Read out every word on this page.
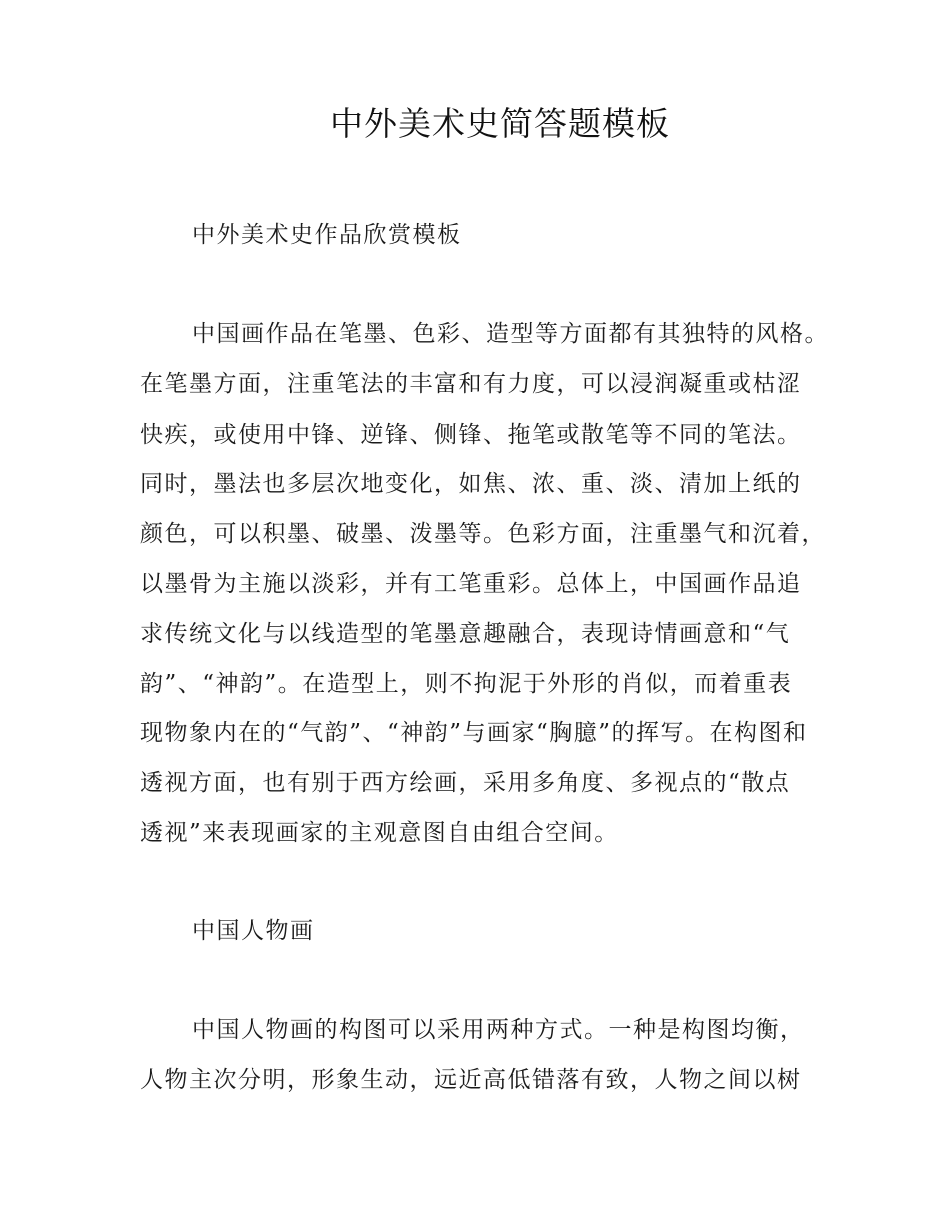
中外美术史简答题模板

中外美术史作品欣赏模板

中国画作品在笔墨、色彩、造型等方面都有其独特的风格。

在笔墨方面，注重笔法的丰富和有力度，可以浸润凝重或枯涩

快疾，或使用中锋、逆锋、侧锋、拖笔或散笔等不同的笔法。

同时，墨法也多层次地变化，如焦、浓、重、淡、清加上纸的

颜色，可以积墨、破墨、泼墨等。色彩方面，注重墨气和沉着，

以墨骨为主施以淡彩，并有工笔重彩。总体上，中国画作品追

求传统文化与以线造型的笔墨意趣融合，表现诗情画意和“气

韵”、“神韵”。在造型上，则不拘泥于外形的肖似，而着重表

现物象内在的“气韵”、“神韵”与画家“胸臆”的挥写。在构图和

透视方面，也有别于西方绘画，采用多角度、多视点的“散点

透视”来表现画家的主观意图自由组合空间。

中国人物画

中国人物画的构图可以采用两种方式。一种是构图均衡，

人物主次分明，形象生动，远近高低错落有致，人物之间以树
